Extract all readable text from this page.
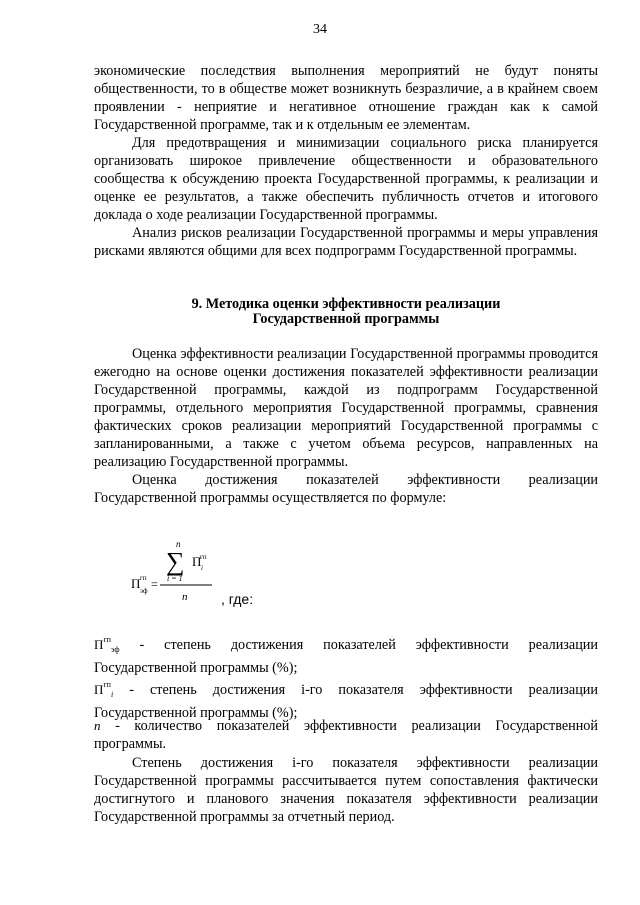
34

экономические последствия выполнения мероприятий не будут поняты общественности, то в обществе может возникнуть безразличие, а в крайнем своем проявлении - неприятие и негативное отношение граждан как к самой Государственной программе, так и к отдельным ее элементам.

Для предотвращения и минимизации социального риска планируется организовать широкое привлечение общественности и образовательного сообщества к обсуждению проекта Государственной программы, к реализации и оценке ее результатов, а также обеспечить публичность отчетов и итогового доклада о ходе реализации Государственной программы.

Анализ рисков реализации Государственной программы и меры управления рисками являются общими для всех подпрограмм Государственной программы.

9. Методика оценки эффективности реализации
Государственной программы

Оценка эффективности реализации Государственной программы проводится ежегодно на основе оценки достижения показателей эффективности реализации Государственной программы, каждой из подпрограмм Государственной программы, отдельного мероприятия Государственной программы, сравнения фактических сроков реализации мероприятий Государственной программы с запланированными, а также с учетом объема ресурсов, направленных на реализацию Государственной программы.

Оценка достижения показателей эффективности реализации Государственной программы осуществляется по формуле:

n
∑ П
гп
i
i = 1
n
П гп
эф =
, где:

$П^{гп}_{эф}$ - степень достижения показателей эффективности реализации Государственной программы (%);

$П^{гп}_i$ - степень достижения i-го показателя эффективности реализации Государственной программы (%);

n - количество показателей эффективности реализации Государственной программы.

Степень достижения i-го показателя эффективности реализации Государственной программы рассчитывается путем сопоставления фактически достигнутого и планового значения показателя эффективности реализации Государственной программы за отчетный период.
